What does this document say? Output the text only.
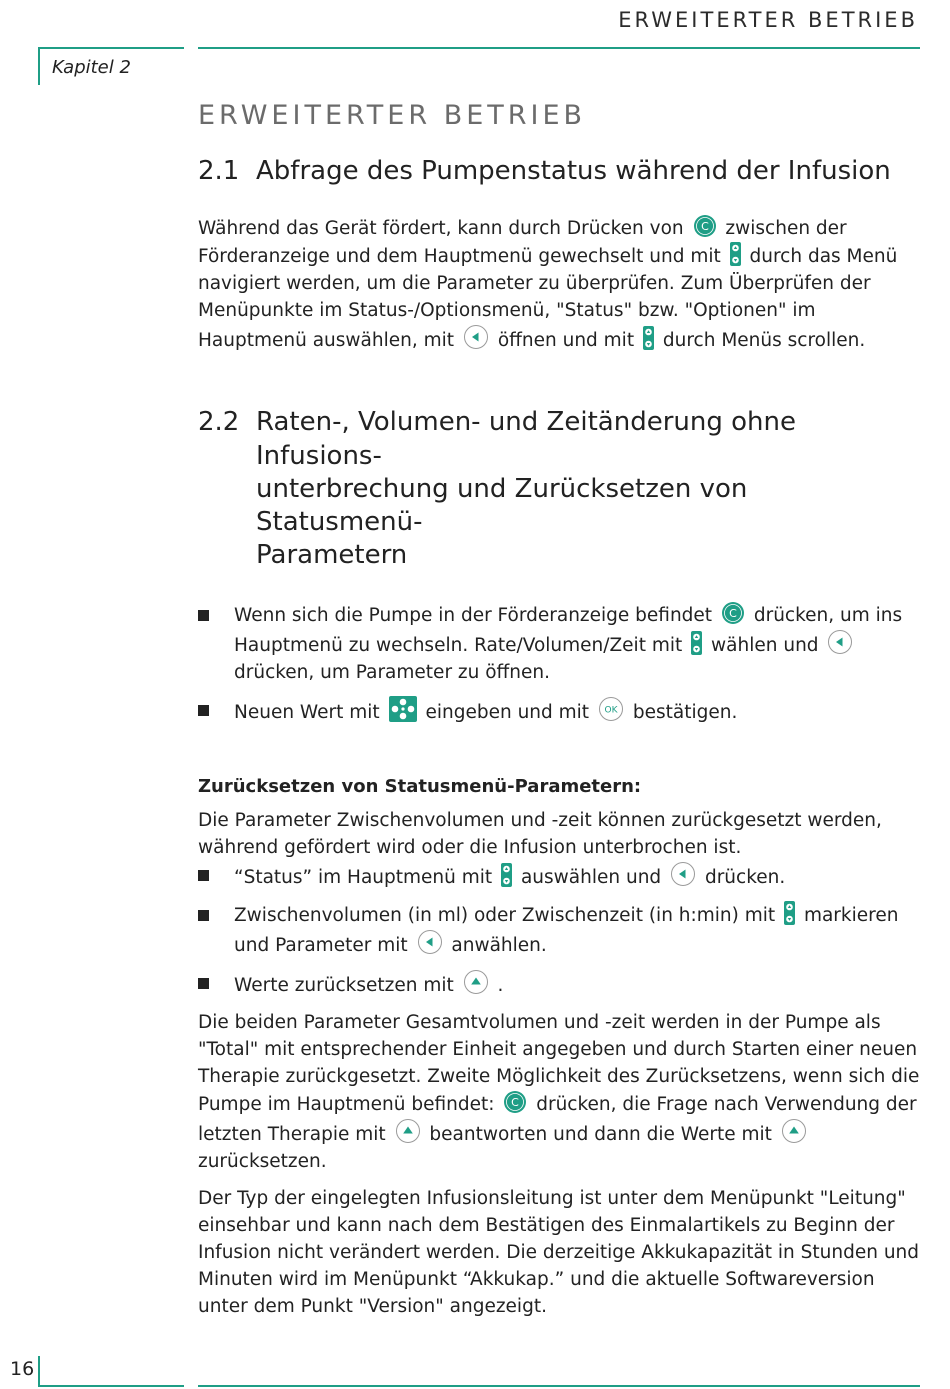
ERWEITERTER BETRIEB
Kapitel 2
16
ERWEITERTER BETRIEB
2.1 Abfrage des Pumpenstatus während der Infusion

Während das Gerät fördert, kann durch Drücken von C zwischen der Förderanzeige und dem Hauptmenü gewechselt und mit durch das Menü navigiert werden, um die Parameter zu überprüfen. Zum Überprüfen der Menüpunkte im Status-/Optionsmenü, "Status" bzw. "Optionen" im Hauptmenü auswählen, mit öffnen und mit durch Menüs scrollen.

2.2 Raten-, Volumen- und Zeitänderung ohne Infusions-
unterbrechung und Zurücksetzen von Statusmenü-
Parametern
Wenn sich die Pumpe in der Förderanzeige befindet C drücken, um ins Hauptmenü zu wechseln. Rate/Volumen/Zeit mit wählen und
drücken, um Parameter zu öffnen.
Neuen Wert mit eingeben und mit OK bestätigen.
Zurücksetzen von Statusmenü-Parametern:

Die Parameter Zwischenvolumen und -zeit können zurückgesetzt werden, während gefördert wird oder die Infusion unterbrochen ist.

“Status” im Hauptmenü mit auswählen und drücken.
Zwischenvolumen (in ml) oder Zwischenzeit (in h:min) mit markieren und Parameter mit anwählen.
Werte zurücksetzen mit .

Die beiden Parameter Gesamtvolumen und -zeit werden in der Pumpe als "Total" mit entsprechender Einheit angegeben und durch Starten einer neuen Therapie zurückgesetzt. Zweite Möglichkeit des Zurücksetzens, wenn sich die Pumpe im Hauptmenü befindet: C drücken, die Frage nach Verwendung der letzten Therapie mit beantworten und dann die Werte mit
zurücksetzen.

Der Typ der eingelegten Infusionsleitung ist unter dem Menüpunkt "Leitung" einsehbar und kann nach dem Bestätigen des Einmalartikels zu Beginn der Infusion nicht verändert werden. Die derzeitige Akkukapazität in Stunden und Minuten wird im Menüpunkt “Akkukap.” und die aktuelle Softwareversion unter dem Punkt "Version" angezeigt.
